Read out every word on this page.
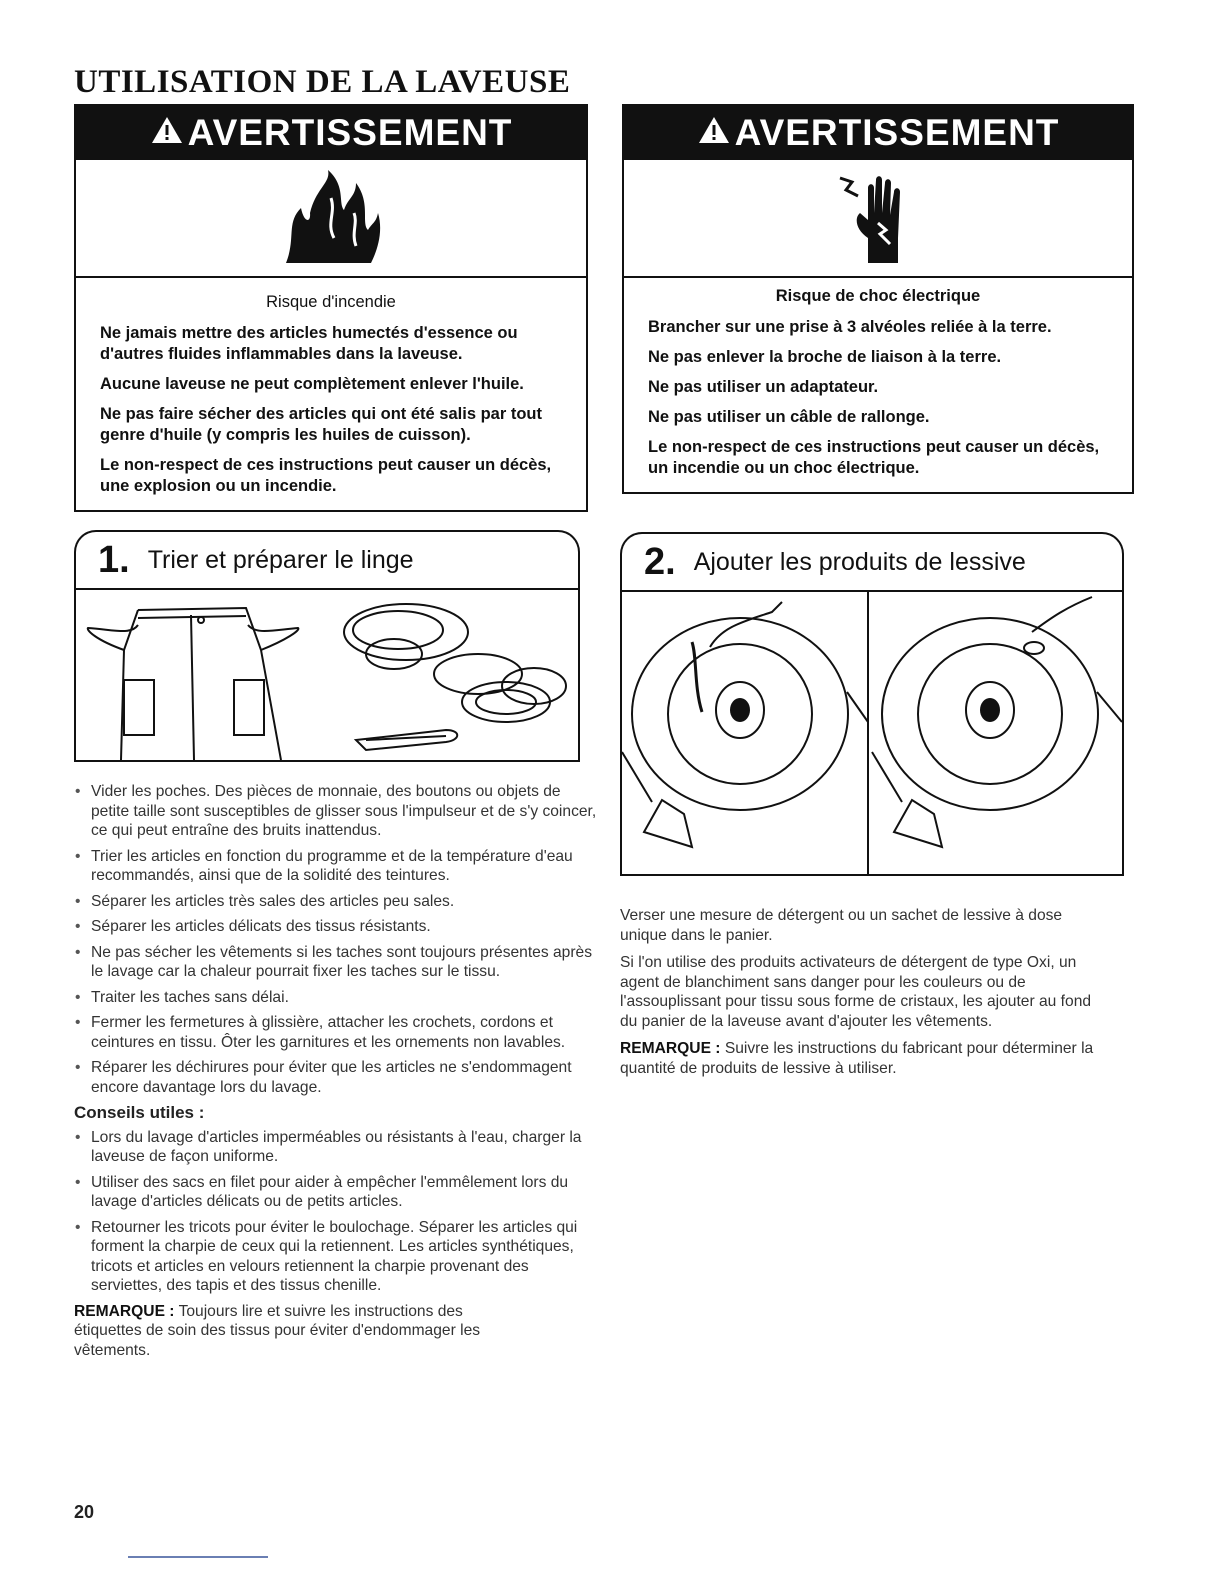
UTILISATION DE LA LAVEUSE
AVERTISSEMENT

Risque d'incendie

Ne jamais mettre des articles humectés d'essence ou d'autres fluides inflammables dans la laveuse.

Aucune laveuse ne peut complètement enlever l'huile.

Ne pas faire sécher des articles qui ont été salis par tout genre d'huile (y compris les huiles de cuisson).

Le non-respect de ces instructions peut causer un décès, une explosion ou un incendie.

AVERTISSEMENT

Risque de choc électrique

Brancher sur une prise à 3 alvéoles reliée à la terre.

Ne pas enlever la broche de liaison à la terre.

Ne pas utiliser un adaptateur.

Ne pas utiliser un câble de rallonge.

Le non-respect de ces instructions peut causer un décès, un incendie ou un choc électrique.

1. Trier et préparer le linge
• Vider les poches. Des pièces de monnaie, des boutons ou objets de petite taille sont susceptibles de glisser sous l'impulseur et de s'y coincer, ce qui peut entraîne des bruits inattendus.
• Trier les articles en fonction du programme et de la température d'eau recommandés, ainsi que de la solidité des teintures.
• Séparer les articles très sales des articles peu sales.
• Séparer les articles délicats des tissus résistants.
• Ne pas sécher les vêtements si les taches sont toujours présentes après le lavage car la chaleur pourrait fixer les taches sur le tissu.
• Traiter les taches sans délai.
• Fermer les fermetures à glissière, attacher les crochets, cordons et ceintures en tissu. Ôter les garnitures et les ornements non lavables.
• Réparer les déchirures pour éviter que les articles ne s'endommagent encore davantage lors du lavage.
Conseils utiles :
• Lors du lavage d'articles imperméables ou résistants à l'eau, charger la laveuse de façon uniforme.
• Utiliser des sacs en filet pour aider à empêcher l'emmêlement lors du lavage d'articles délicats ou de petits articles.
• Retourner les tricots pour éviter le boulochage. Séparer les articles qui forment la charpie de ceux qui la retiennent. Les articles synthétiques, tricots et articles en velours retiennent la charpie provenant des serviettes, des tapis et des tissus chenille.

REMARQUE : Toujours lire et suivre les instructions des étiquettes de soin des tissus pour éviter d'endommager les vêtements.

2. Ajouter les produits de lessive

Verser une mesure de détergent ou un sachet de lessive à dose unique dans le panier.

Si l'on utilise des produits activateurs de détergent de type Oxi, un agent de blanchiment sans danger pour les couleurs ou de l'assouplissant pour tissu sous forme de cristaux, les ajouter au fond du panier de la laveuse avant d'ajouter les vêtements.

REMARQUE : Suivre les instructions du fabricant pour déterminer la quantité de produits de lessive à utiliser.

20
